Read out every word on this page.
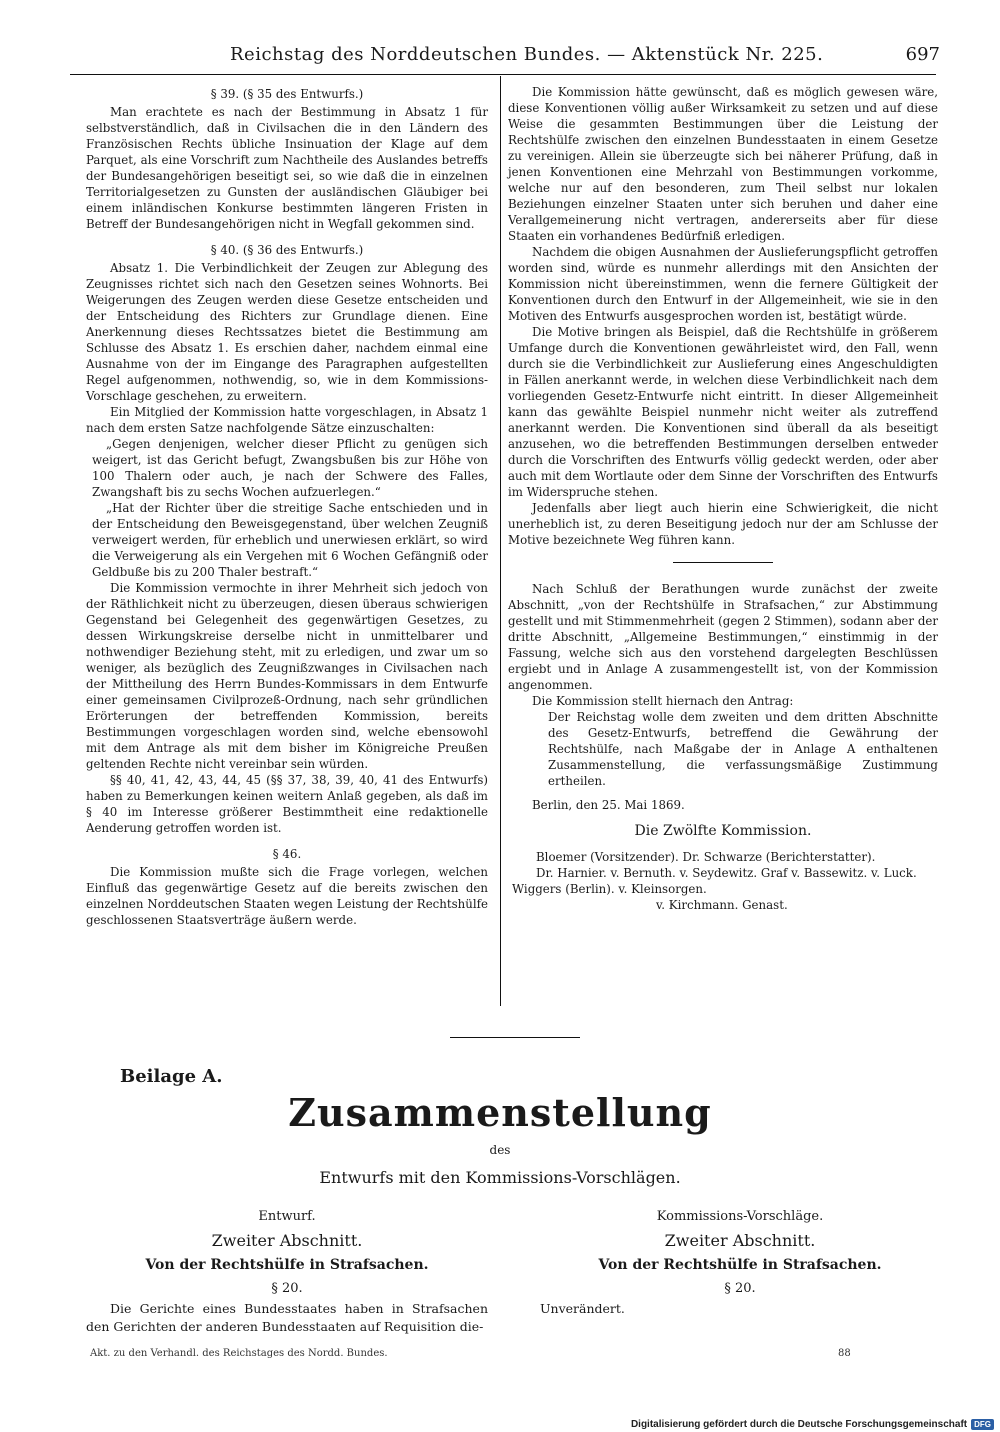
Reichstag des Norddeutschen Bundes. — Aktenstück Nr. 225.	697

§ 39. (§ 35 des Entwurfs.)

Man erachtete es nach der Bestimmung in Absatz 1 für selbstverständlich, daß in Civilsachen die in den Ländern des Französischen Rechts übliche Insinuation der Klage auf dem Parquet, als eine Vorschrift zum Nachtheile des Auslandes betreffs der Bundesangehörigen beseitigt sei, so wie daß die in einzelnen Territorialgesetzen zu Gunsten der ausländischen Gläubiger bei einem inländischen Konkurse bestimmten längeren Fristen in Betreff der Bundesangehörigen nicht in Wegfall gekommen sind.

§ 40. (§ 36 des Entwurfs.)

Absatz 1. Die Verbindlichkeit der Zeugen zur Ablegung des Zeugnisses richtet sich nach den Gesetzen seines Wohnorts. Bei Weigerungen des Zeugen werden diese Gesetze entscheiden und der Entscheidung des Richters zur Grundlage dienen. Eine Anerkennung dieses Rechtssatzes bietet die Bestimmung am Schlusse des Absatz 1. Es erschien daher, nachdem einmal eine Ausnahme von der im Eingange des Paragraphen aufgestellten Regel aufgenommen, nothwendig, so, wie in dem Kommissions-Vorschlage geschehen, zu erweitern.

Ein Mitglied der Kommission hatte vorgeschlagen, in Absatz 1 nach dem ersten Satze nachfolgende Sätze einzuschalten:

„Gegen denjenigen, welcher dieser Pflicht zu genügen sich weigert, ist das Gericht befugt, Zwangsbußen bis zur Höhe von 100 Thalern oder auch, je nach der Schwere des Falles, Zwangshaft bis zu sechs Wochen aufzuerlegen.“

„Hat der Richter über die streitige Sache entschieden und in der Entscheidung den Beweisgegenstand, über welchen Zeugniß verweigert werden, für erheblich und unerwiesen erklärt, so wird die Verweigerung als ein Vergehen mit 6 Wochen Gefängniß oder Geldbuße bis zu 200 Thaler bestraft.“

Die Kommission vermochte in ihrer Mehrheit sich jedoch von der Räthlichkeit nicht zu überzeugen, diesen überaus schwierigen Gegenstand bei Gelegenheit des gegenwärtigen Gesetzes, zu dessen Wirkungskreise derselbe nicht in unmittelbarer und nothwendiger Beziehung steht, mit zu erledigen, und zwar um so weniger, als bezüglich des Zeugnißzwanges in Civilsachen nach der Mittheilung des Herrn Bundes-Kommissars in dem Entwurfe einer gemeinsamen Civilprozeß-Ordnung, nach sehr gründlichen Erörterungen der betreffenden Kommission, bereits Bestimmungen vorgeschlagen worden sind, welche ebensowohl mit dem Antrage als mit dem bisher im Königreiche Preußen geltenden Rechte nicht vereinbar sein würden.

§§ 40, 41, 42, 43, 44, 45 (§§ 37, 38, 39, 40, 41 des Entwurfs) haben zu Bemerkungen keinen weitern Anlaß gegeben, als daß im § 40 im Interesse größerer Bestimmtheit eine redaktionelle Aenderung getroffen worden ist.

§ 46.

Die Kommission mußte sich die Frage vorlegen, welchen Einfluß das gegenwärtige Gesetz auf die bereits zwischen den einzelnen Norddeutschen Staaten wegen Leistung der Rechtshülfe geschlossenen Staatsverträge äußern werde.

Die Kommission hätte gewünscht, daß es möglich gewesen wäre, diese Konventionen völlig außer Wirksamkeit zu setzen und auf diese Weise die gesammten Bestimmungen über die Leistung der Rechtshülfe zwischen den einzelnen Bundesstaaten in einem Gesetze zu vereinigen. Allein sie überzeugte sich bei näherer Prüfung, daß in jenen Konventionen eine Mehrzahl von Bestimmungen vorkomme, welche nur auf den besonderen, zum Theil selbst nur lokalen Beziehungen einzelner Staaten unter sich beruhen und daher eine Verallgemeinerung nicht vertragen, andererseits aber für diese Staaten ein vorhandenes Bedürfniß erledigen.

Nachdem die obigen Ausnahmen der Auslieferungspflicht getroffen worden sind, würde es nunmehr allerdings mit den Ansichten der Kommission nicht übereinstimmen, wenn die fernere Gültigkeit der Konventionen durch den Entwurf in der Allgemeinheit, wie sie in den Motiven des Entwurfs ausgesprochen worden ist, bestätigt würde.

Die Motive bringen als Beispiel, daß die Rechtshülfe in größerem Umfange durch die Konventionen gewährleistet wird, den Fall, wenn durch sie die Verbindlichkeit zur Auslieferung eines Angeschuldigten in Fällen anerkannt werde, in welchen diese Verbindlichkeit nach dem vorliegenden Gesetz-Entwurfe nicht eintritt. In dieser Allgemeinheit kann das gewählte Beispiel nunmehr nicht weiter als zutreffend anerkannt werden. Die Konventionen sind überall da als beseitigt anzusehen, wo die betreffenden Bestimmungen derselben entweder durch die Vorschriften des Entwurfs völlig gedeckt werden, oder aber auch mit dem Wortlaute oder dem Sinne der Vorschriften des Entwurfs im Widerspruche stehen.

Jedenfalls aber liegt auch hierin eine Schwierigkeit, die nicht unerheblich ist, zu deren Beseitigung jedoch nur der am Schlusse der Motive bezeichnete Weg führen kann.

Nach Schluß der Berathungen wurde zunächst der zweite Abschnitt, „von der Rechtshülfe in Strafsachen,“ zur Abstimmung gestellt und mit Stimmenmehrheit (gegen 2 Stimmen), sodann aber der dritte Abschnitt, „Allgemeine Bestimmungen,“ einstimmig in der Fassung, welche sich aus den vorstehend dargelegten Beschlüssen ergiebt und in Anlage A zusammengestellt ist, von der Kommission angenommen.

Die Kommission stellt hiernach den Antrag:

Der Reichstag wolle dem zweiten und dem dritten Abschnitte des Gesetz-Entwurfs, betreffend die Gewährung der Rechtshülfe, nach Maßgabe der in Anlage A enthaltenen Zusammenstellung, die verfassungsmäßige Zustimmung ertheilen.

Berlin, den 25. Mai 1869.

Die Zwölfte Kommission.

Bloemer (Vorsitzender). Dr. Schwarze (Berichterstatter).
Dr. Harnier. v. Bernuth. v. Seydewitz. Graf v. Bassewitz. v. Luck. Wiggers (Berlin). v. Kleinsorgen.
v. Kirchmann. Genast.

Beilage A.
Zusammenstellung
des
Entwurfs mit den Kommissions-Vorschlägen.

Entwurf.

Zweiter Abschnitt.

Von der Rechtshülfe in Strafsachen.

§ 20.

Die Gerichte eines Bundesstaates haben in Strafsachen den Gerichten der anderen Bundesstaaten auf Requisition die-

Kommissions-Vorschläge.

Zweiter Abschnitt.

Von der Rechtshülfe in Strafsachen.

§ 20.

Unverändert.

Akt. zu den Verhandl. des Reichstages des Nordd. Bundes.	88
Digitalisierung gefördert durch die Deutsche Forschungsgemeinschaft DFG
